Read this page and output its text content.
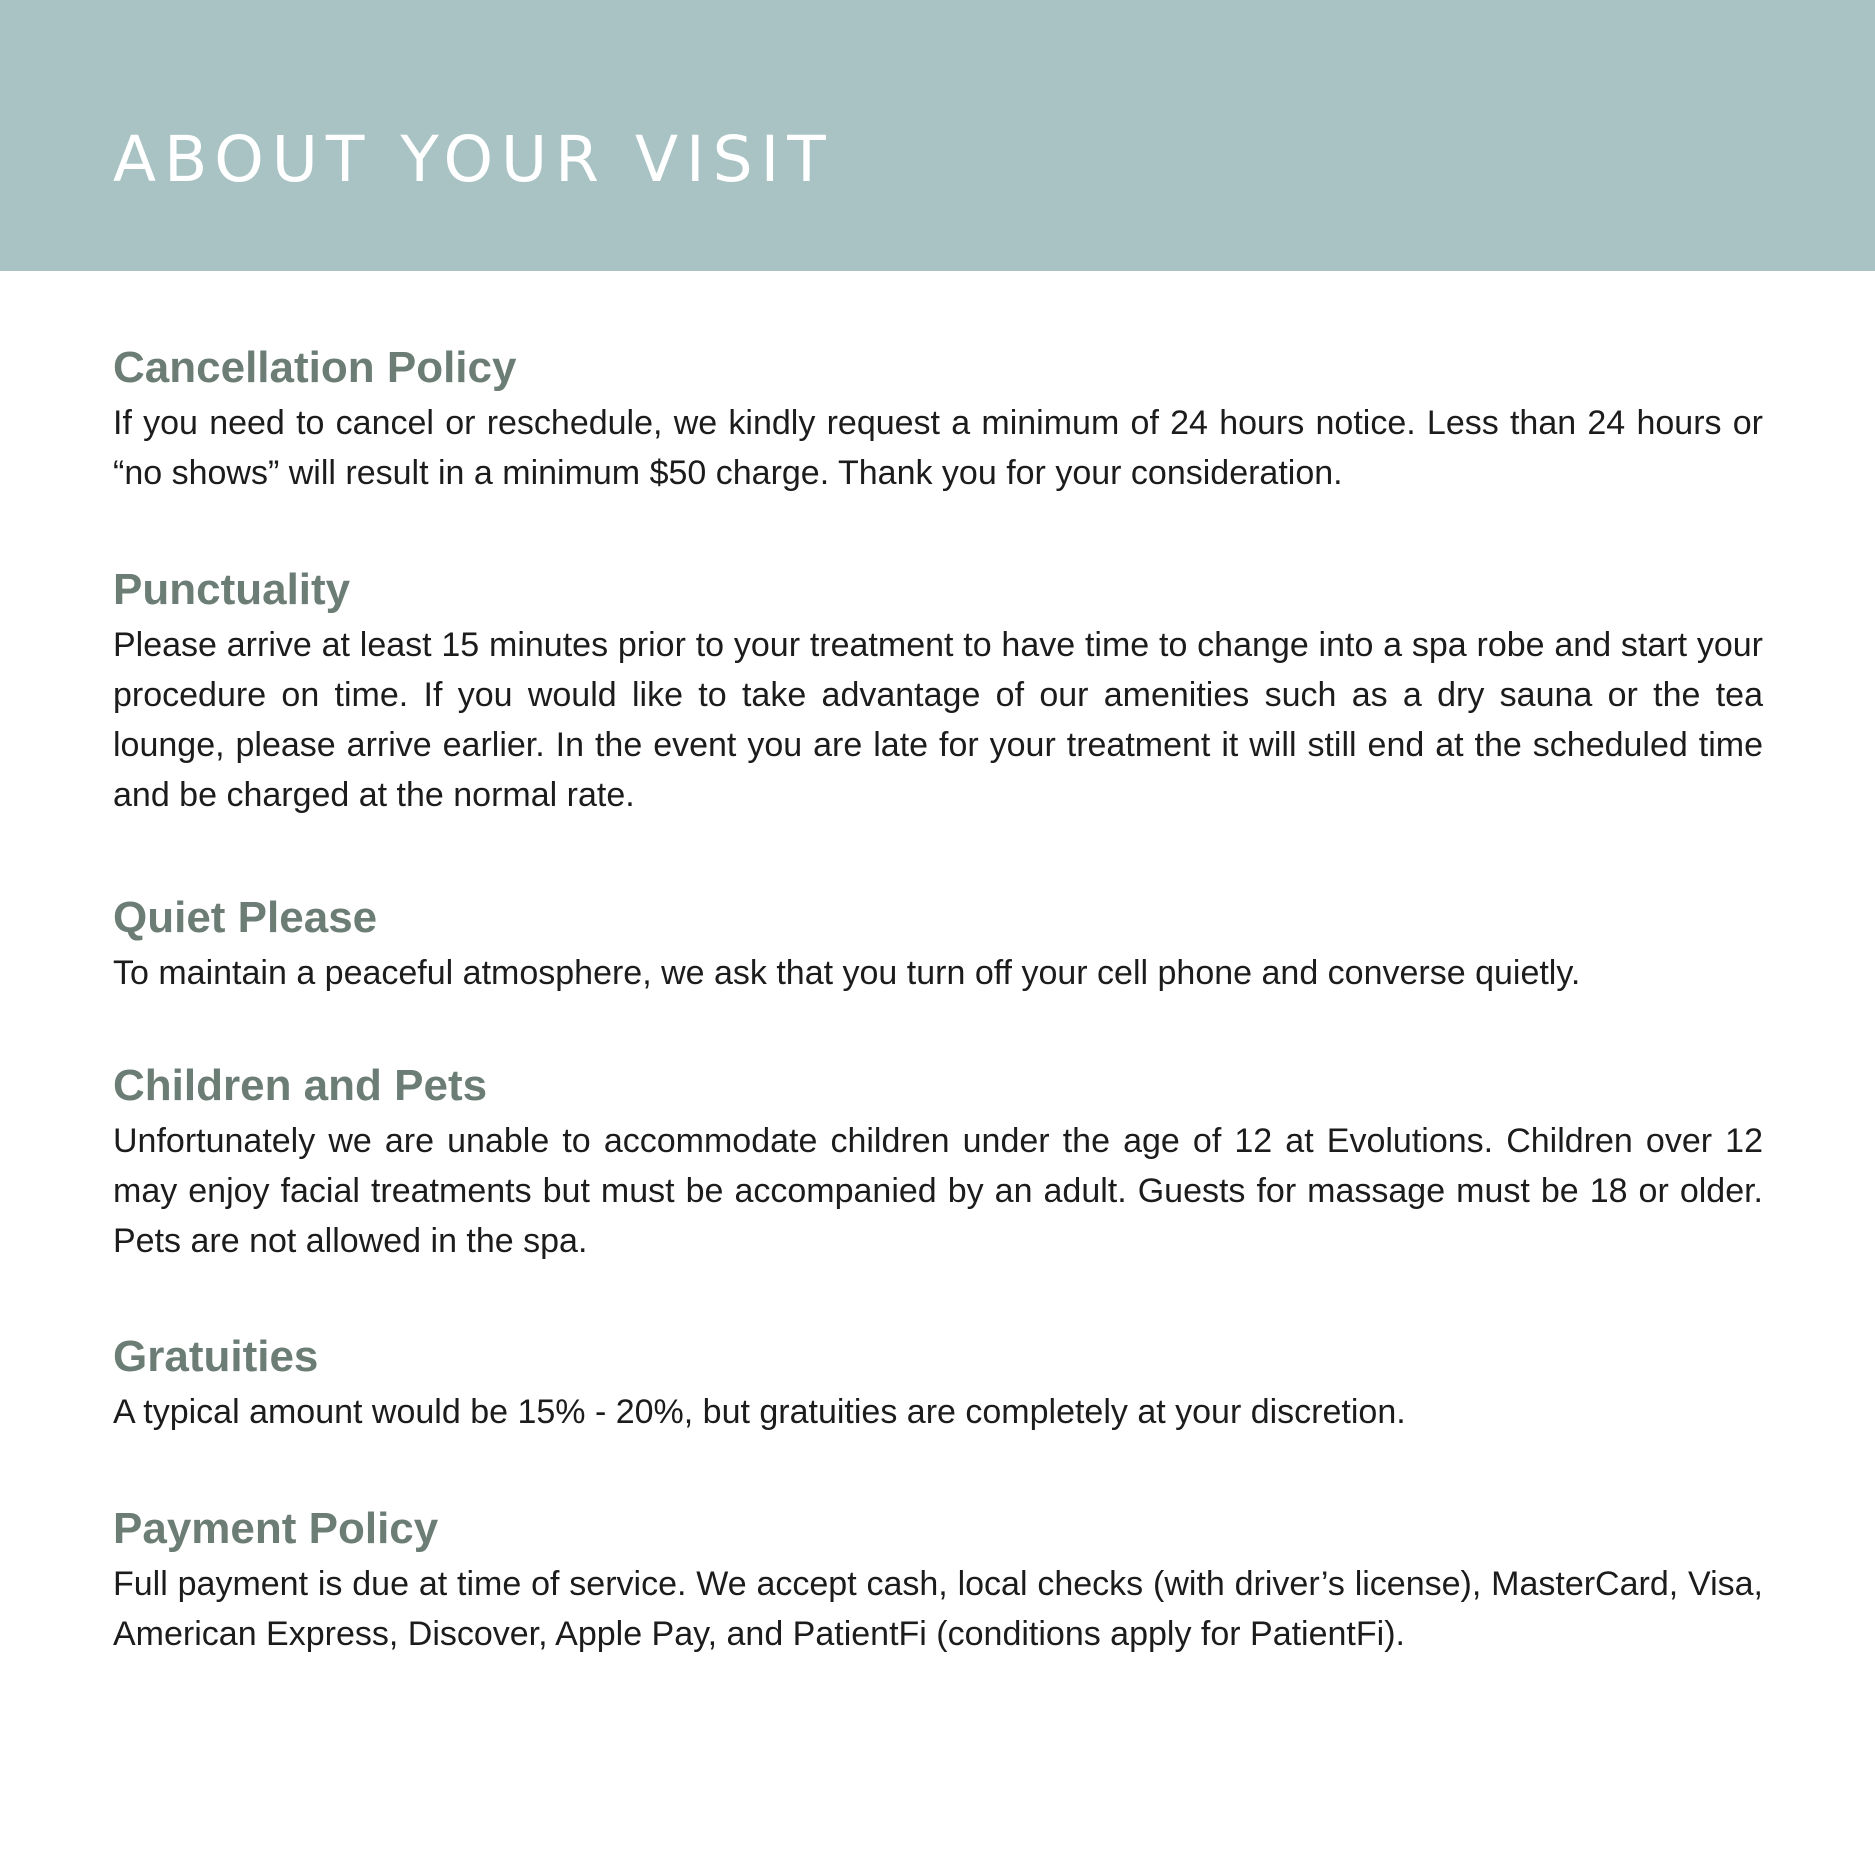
ABOUT YOUR VISIT
Cancellation Policy

If you need to cancel or reschedule, we kindly request a minimum of 24 hours notice. Less than 24 hours or “no shows” will result in a minimum $50 charge. Thank you for your consideration.

Punctuality

Please arrive at least 15 minutes prior to your treatment to have time to change into a spa robe and start your procedure on time. If you would like to take advantage of our amenities such as a dry sauna or the tea lounge, please arrive earlier. In the event you are late for your treatment it will still end at the scheduled time and be charged at the normal rate.

Quiet Please

To maintain a peaceful atmosphere, we ask that you turn off your cell phone and converse quietly.

Children and Pets

Unfortunately we are unable to accommodate children under the age of 12 at Evolutions. Children over 12 may enjoy facial treatments but must be accompanied by an adult. Guests for massage must be 18 or older. Pets are not allowed in the spa.

Gratuities

A typical amount would be 15% - 20%, but gratuities are completely at your discretion.

Payment Policy

Full payment is due at time of service. We accept cash, local checks (with driver’s license), MasterCard, Visa, American Express, Discover, Apple Pay, and PatientFi (conditions apply for PatientFi).
